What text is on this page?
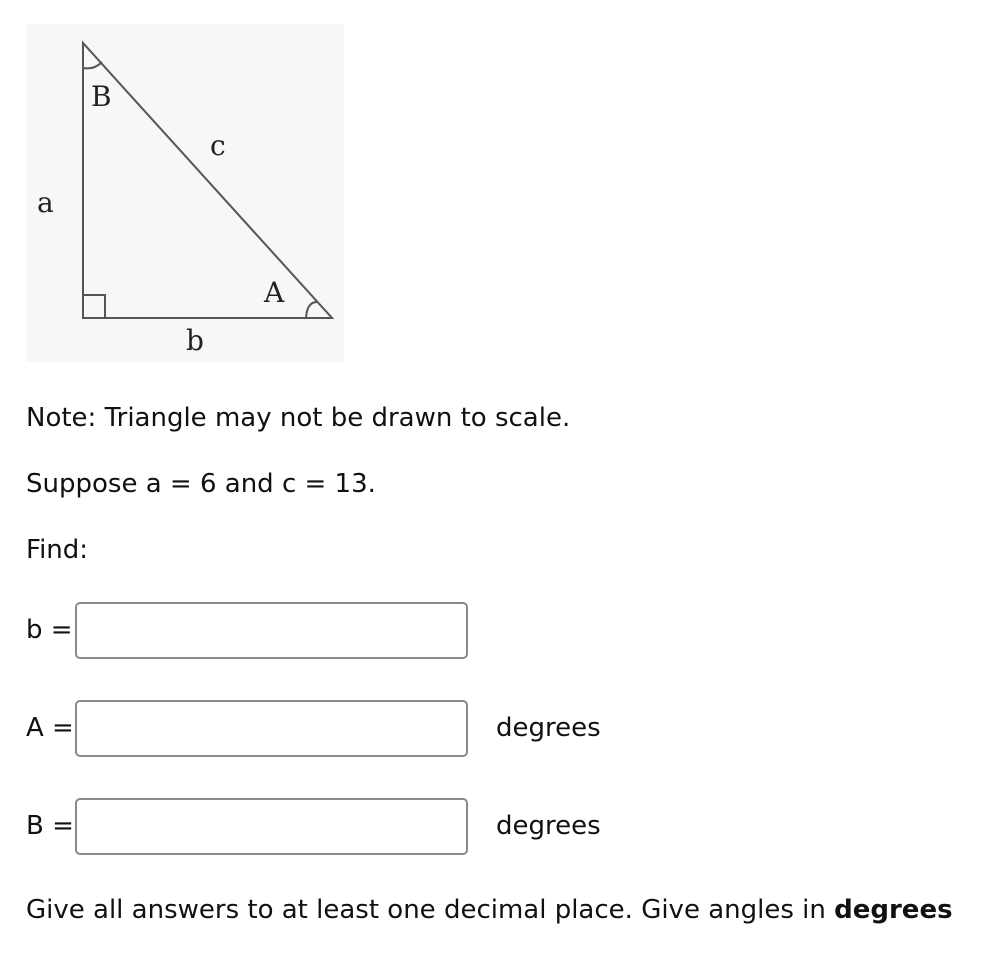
B
c
a
A
b
Note: Triangle may not be drawn to scale.
Suppose a = 6 and c = 13.
Find:
b =
A =	degrees
B =	degrees
Give all answers to at least one decimal place. Give angles in degrees
